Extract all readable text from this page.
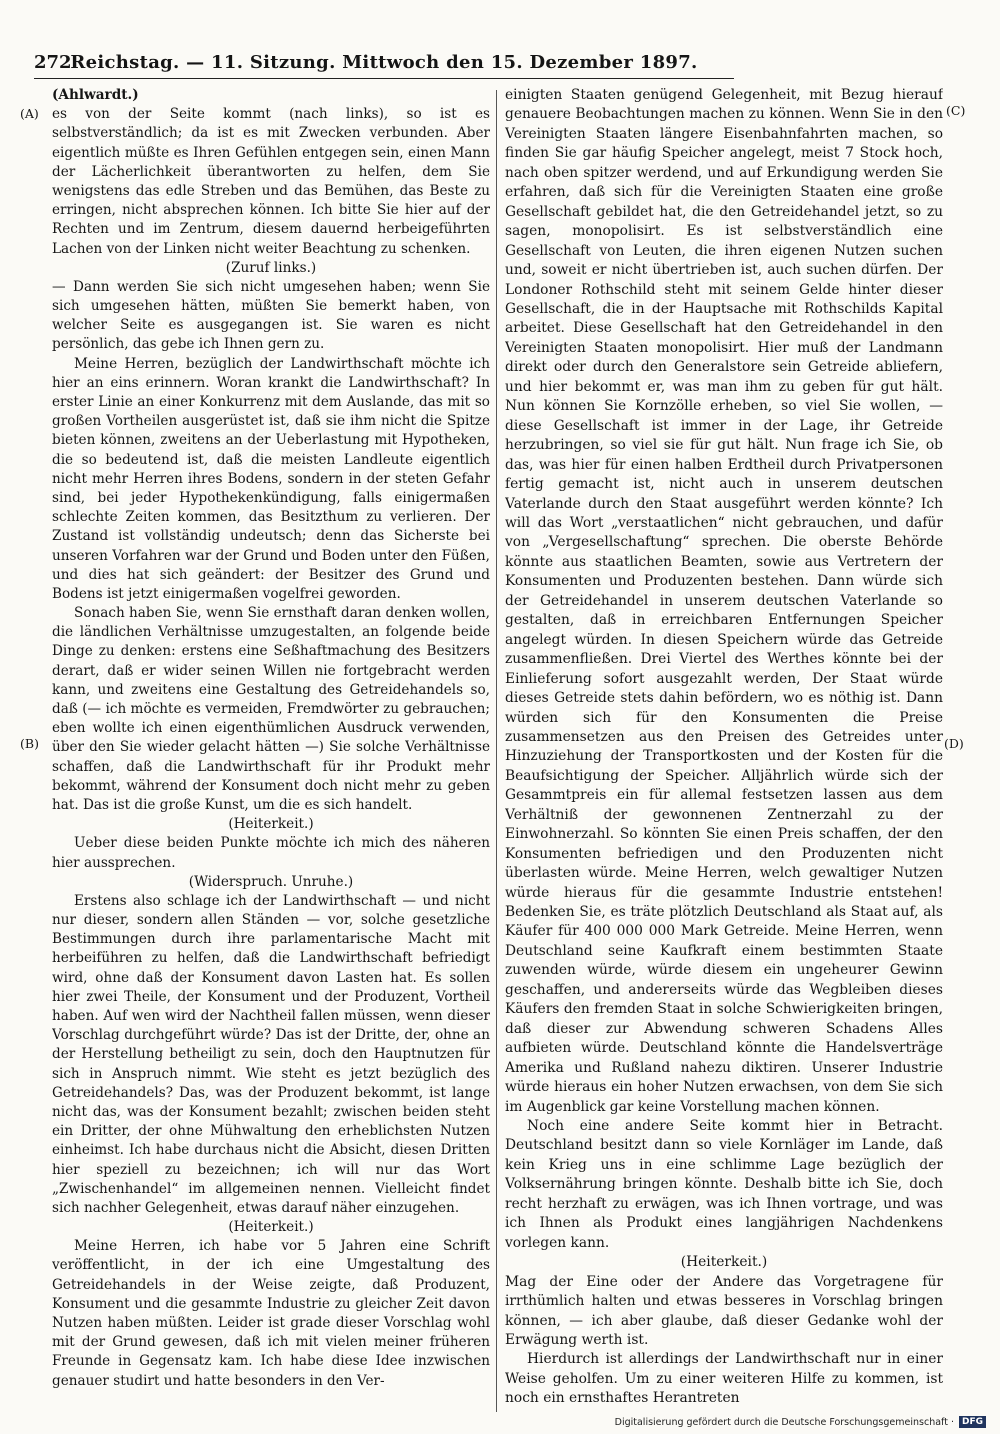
272
Reichstag. — 11. Sitzung. Mittwoch den 15. Dezember 1897.
(A)
(B)
(C)
(D)

(Ahlwardt.)

es von der Seite kommt (nach links), so ist es selbstverständlich; da ist es mit Zwecken verbunden. Aber eigentlich müßte es Ihren Gefühlen entgegen sein, einen Mann der Lächerlichkeit überantworten zu helfen, dem Sie wenigstens das edle Streben und das Bemühen, das Beste zu erringen, nicht absprechen können. Ich bitte Sie hier auf der Rechten und im Zentrum, diesem dauernd herbeigeführten Lachen von der Linken nicht weiter Beachtung zu schenken.

(Zuruf links.)

— Dann werden Sie sich nicht umgesehen haben; wenn Sie sich umgesehen hätten, müßten Sie bemerkt haben, von welcher Seite es ausgegangen ist. Sie waren es nicht persönlich, das gebe ich Ihnen gern zu.

Meine Herren, bezüglich der Landwirthschaft möchte ich hier an eins erinnern. Woran krankt die Landwirthschaft? In erster Linie an einer Konkurrenz mit dem Auslande, das mit so großen Vortheilen ausgerüstet ist, daß sie ihm nicht die Spitze bieten können, zweitens an der Ueberlastung mit Hypotheken, die so bedeutend ist, daß die meisten Landleute eigentlich nicht mehr Herren ihres Bodens, sondern in der steten Gefahr sind, bei jeder Hypothekenkündigung, falls einigermaßen schlechte Zeiten kommen, das Besitzthum zu verlieren. Der Zustand ist vollständig undeutsch; denn das Sicherste bei unseren Vorfahren war der Grund und Boden unter den Füßen, und dies hat sich geändert: der Besitzer des Grund und Bodens ist jetzt einigermaßen vogelfrei geworden.

Sonach haben Sie, wenn Sie ernsthaft daran denken wollen, die ländlichen Verhältnisse umzugestalten, an folgende beide Dinge zu denken: erstens eine Seßhaftmachung des Besitzers derart, daß er wider seinen Willen nie fortgebracht werden kann, und zweitens eine Gestaltung des Getreidehandels so, daß (— ich möchte es vermeiden, Fremdwörter zu gebrauchen; eben wollte ich einen eigenthümlichen Ausdruck verwenden, über den Sie wieder gelacht hätten —) Sie solche Verhältnisse schaffen, daß die Landwirthschaft für ihr Produkt mehr bekommt, während der Konsument doch nicht mehr zu geben hat. Das ist die große Kunst, um die es sich handelt.

(Heiterkeit.)

Ueber diese beiden Punkte möchte ich mich des näheren hier aussprechen.

(Widerspruch. Unruhe.)

Erstens also schlage ich der Landwirthschaft — und nicht nur dieser, sondern allen Ständen — vor, solche gesetzliche Bestimmungen durch ihre parlamentarische Macht mit herbeiführen zu helfen, daß die Landwirthschaft befriedigt wird, ohne daß der Konsument davon Lasten hat. Es sollen hier zwei Theile, der Konsument und der Produzent, Vortheil haben. Auf wen wird der Nachtheil fallen müssen, wenn dieser Vorschlag durchgeführt würde? Das ist der Dritte, der, ohne an der Herstellung betheiligt zu sein, doch den Hauptnutzen für sich in Anspruch nimmt. Wie steht es jetzt bezüglich des Getreidehandels? Das, was der Produzent bekommt, ist lange nicht das, was der Konsument bezahlt; zwischen beiden steht ein Dritter, der ohne Mühwaltung den erheblichsten Nutzen einheimst. Ich habe durchaus nicht die Absicht, diesen Dritten hier speziell zu bezeichnen; ich will nur das Wort „Zwischenhandel“ im allgemeinen nennen. Vielleicht findet sich nachher Gelegenheit, etwas darauf näher einzugehen.

(Heiterkeit.)

Meine Herren, ich habe vor 5 Jahren eine Schrift veröffentlicht, in der ich eine Umgestaltung des Getreidehandels in der Weise zeigte, daß Produzent, Konsument und die gesammte Industrie zu gleicher Zeit davon Nutzen haben müßten. Leider ist grade dieser Vorschlag wohl mit der Grund gewesen, daß ich mit vielen meiner früheren Freunde in Gegensatz kam. Ich habe diese Idee inzwischen genauer studirt und hatte besonders in den Ver-

einigten Staaten genügend Gelegenheit, mit Bezug hierauf genauere Beobachtungen machen zu können. Wenn Sie in den Vereinigten Staaten längere Eisenbahnfahrten machen, so finden Sie gar häufig Speicher angelegt, meist 7 Stock hoch, nach oben spitzer werdend, und auf Erkundigung werden Sie erfahren, daß sich für die Vereinigten Staaten eine große Gesellschaft gebildet hat, die den Getreidehandel jetzt, so zu sagen, monopolisirt. Es ist selbstverständlich eine Gesellschaft von Leuten, die ihren eigenen Nutzen suchen und, soweit er nicht übertrieben ist, auch suchen dürfen. Der Londoner Rothschild steht mit seinem Gelde hinter dieser Gesellschaft, die in der Hauptsache mit Rothschilds Kapital arbeitet. Diese Gesellschaft hat den Getreidehandel in den Vereinigten Staaten monopolisirt. Hier muß der Landmann direkt oder durch den Generalstore sein Getreide abliefern, und hier bekommt er, was man ihm zu geben für gut hält. Nun können Sie Kornzölle erheben, so viel Sie wollen, — diese Gesellschaft ist immer in der Lage, ihr Getreide herzubringen, so viel sie für gut hält. Nun frage ich Sie, ob das, was hier für einen halben Erdtheil durch Privatpersonen fertig gemacht ist, nicht auch in unserem deutschen Vaterlande durch den Staat ausgeführt werden könnte? Ich will das Wort „verstaatlichen“ nicht gebrauchen, und dafür von „Vergesellschaftung“ sprechen. Die oberste Behörde könnte aus staatlichen Beamten, sowie aus Vertretern der Konsumenten und Produzenten bestehen. Dann würde sich der Getreidehandel in unserem deutschen Vaterlande so gestalten, daß in erreichbaren Entfernungen Speicher angelegt würden. In diesen Speichern würde das Getreide zusammenfließen. Drei Viertel des Werthes könnte bei der Einlieferung sofort ausgezahlt werden, Der Staat würde dieses Getreide stets dahin befördern, wo es nöthig ist. Dann würden sich für den Konsumenten die Preise zusammensetzen aus den Preisen des Getreides unter Hinzuziehung der Transportkosten und der Kosten für die Beaufsichtigung der Speicher. Alljährlich würde sich der Gesammtpreis ein für allemal festsetzen lassen aus dem Verhältniß der gewonnenen Zentnerzahl zu der Einwohnerzahl. So könnten Sie einen Preis schaffen, der den Konsumenten befriedigen und den Produzenten nicht überlasten würde. Meine Herren, welch gewaltiger Nutzen würde hieraus für die gesammte Industrie entstehen! Bedenken Sie, es träte plötzlich Deutschland als Staat auf, als Käufer für 400 000 000 Mark Getreide. Meine Herren, wenn Deutschland seine Kaufkraft einem bestimmten Staate zuwenden würde, würde diesem ein ungeheurer Gewinn geschaffen, und andererseits würde das Wegbleiben dieses Käufers den fremden Staat in solche Schwierigkeiten bringen, daß dieser zur Abwendung schweren Schadens Alles aufbieten würde. Deutschland könnte die Handelsverträge Amerika und Rußland nahezu diktiren. Unserer Industrie würde hieraus ein hoher Nutzen erwachsen, von dem Sie sich im Augenblick gar keine Vorstellung machen können.

Noch eine andere Seite kommt hier in Betracht. Deutschland besitzt dann so viele Kornläger im Lande, daß kein Krieg uns in eine schlimme Lage bezüglich der Volksernährung bringen könnte. Deshalb bitte ich Sie, doch recht herzhaft zu erwägen, was ich Ihnen vortrage, und was ich Ihnen als Produkt eines langjährigen Nachdenkens vorlegen kann.

(Heiterkeit.)

Mag der Eine oder der Andere das Vorgetragene für irrthümlich halten und etwas besseres in Vorschlag bringen können, — ich aber glaube, daß dieser Gedanke wohl der Erwägung werth ist.

Hierdurch ist allerdings der Landwirthschaft nur in einer Weise geholfen. Um zu einer weiteren Hilfe zu kommen, ist noch ein ernsthaftes Herantreten

Digitalisierung gefördert durch die Deutsche Forschungsgemeinschaft · DFG
